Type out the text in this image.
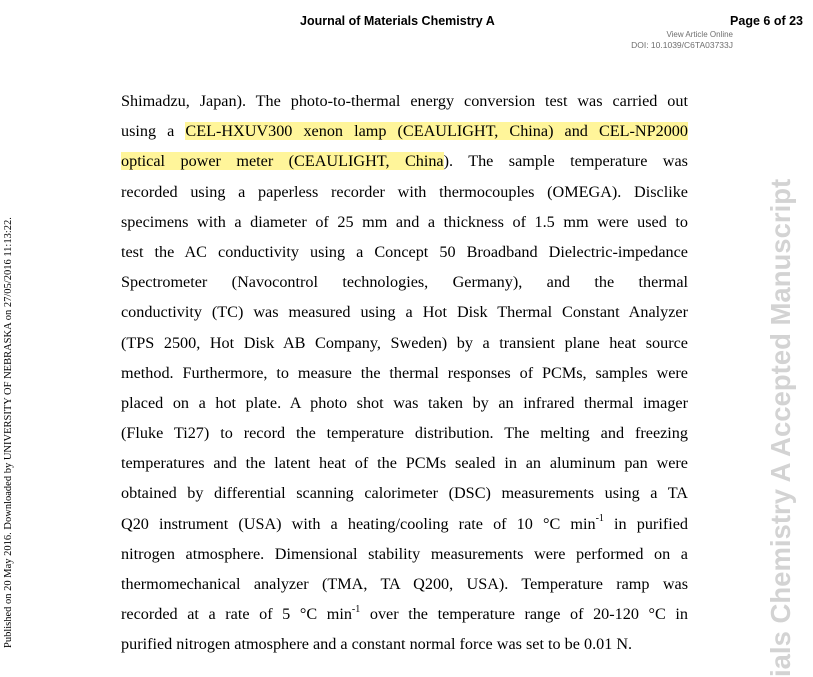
Journal of Materials Chemistry A	Page 6 of 23
View Article Online
DOI: 10.1039/C6TA03733J
Published on 20 May 2016. Downloaded by UNIVERSITY OF NEBRASKA on 27/05/2016 11:13:22.	ials Chemistry A Accepted Manuscript
Shimadzu, Japan). The photo-to-thermal energy conversion test was carried out
using a CEL-HXUV300 xenon lamp (CEAULIGHT, China) and CEL-NP2000
optical power meter (CEAULIGHT, China). The sample temperature was
recorded using a paperless recorder with thermocouples (OMEGA). Disclike
specimens with a diameter of 25 mm and a thickness of 1.5 mm were used to
test the AC conductivity using a Concept 50 Broadband Dielectric-impedance
Spectrometer (Navocontrol technologies, Germany), and the thermal
conductivity (TC) was measured using a Hot Disk Thermal Constant Analyzer
(TPS 2500, Hot Disk AB Company, Sweden) by a transient plane heat source
method. Furthermore, to measure the thermal responses of PCMs, samples were
placed on a hot plate. A photo shot was taken by an infrared thermal imager
(Fluke Ti27) to record the temperature distribution. The melting and freezing
temperatures and the latent heat of the PCMs sealed in an aluminum pan were
obtained by differential scanning calorimeter (DSC) measurements using a TA
Q20 instrument (USA) with a heating/cooling rate of 10 °C $\min^{-1}$ in purified
nitrogen atmosphere. Dimensional stability measurements were performed on a
thermomechanical analyzer (TMA, TA Q200, USA). Temperature ramp was
recorded at a rate of 5 °C $\min^{-1}$ over the temperature range of 20-120 °C in
purified nitrogen atmosphere and a constant normal force was set to be 0.01 N.
